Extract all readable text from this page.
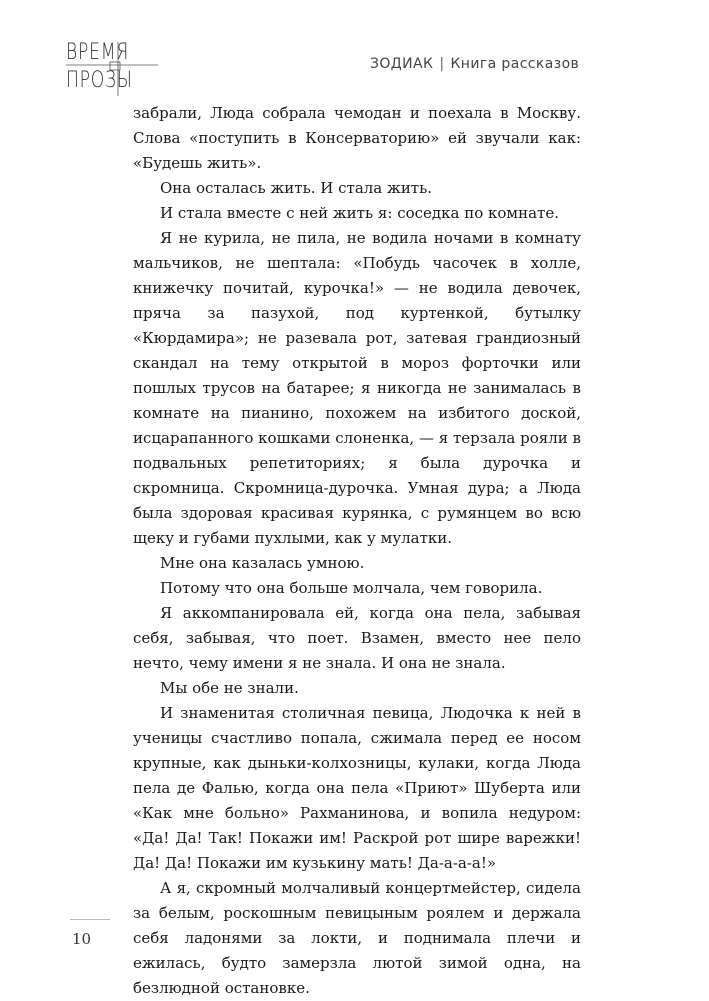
ВРЕМЯ
ПРОЗЫ
ЗОДИАК | Книга рассказов

забрали, Люда собрала чемодан и поехала в Москву. Слова «поступить в Консерваторию» ей звучали как: «Будешь жить».

Она осталась жить. И стала жить.

И стала вместе с ней жить я: соседка по комнате.

Я не курила, не пила, не водила ночами в комнату мальчиков, не шептала: «Побудь часочек в холле, книжечку почитай, курочка!» — не водила девочек, пряча за пазухой, под куртенкой, бутылку «Кюрдамира»; не разевала рот, затевая грандиозный скандал на тему открытой в мороз форточки или пошлых трусов на батарее; я никогда не занималась в комнате на пианино, похожем на избитого доской, исцарапанного кошками слоненка, — я терзала рояли в подвальных репетиториях; я была дурочка и скромница. Скромница-дурочка. Умная дура; а Люда была здоровая красивая курянка, с румянцем во всю щеку и губами пухлыми, как у мулатки.

Мне она казалась умною.

Потому что она больше молчала, чем говорила.

Я аккомпанировала ей, когда она пела, забывая себя, забывая, что поет. Взамен, вместо нее пело нечто, чему имени я не знала. И она не знала.

Мы обе не знали.

И знаменитая столичная певица, Людочка к ней в ученицы счастливо попала, сжимала перед ее носом крупные, как дыньки-колхозницы, кулаки, когда Люда пела де Фалью, когда она пела «Приют» Шуберта или «Как мне больно» Рахманинова, и вопила недуром: «Да! Да! Так! Покажи им! Раскрой рот шире варежки! Да! Да! Покажи им кузькину мать! Да-а-а-а!»

А я, скромный молчаливый концертмейстер, сидела за белым, роскошным певицыным роялем и держала себя ладонями за локти, и поднимала плечи и ежилась, будто замерзла лютой зимой одна, на безлюдной остановке.

10
